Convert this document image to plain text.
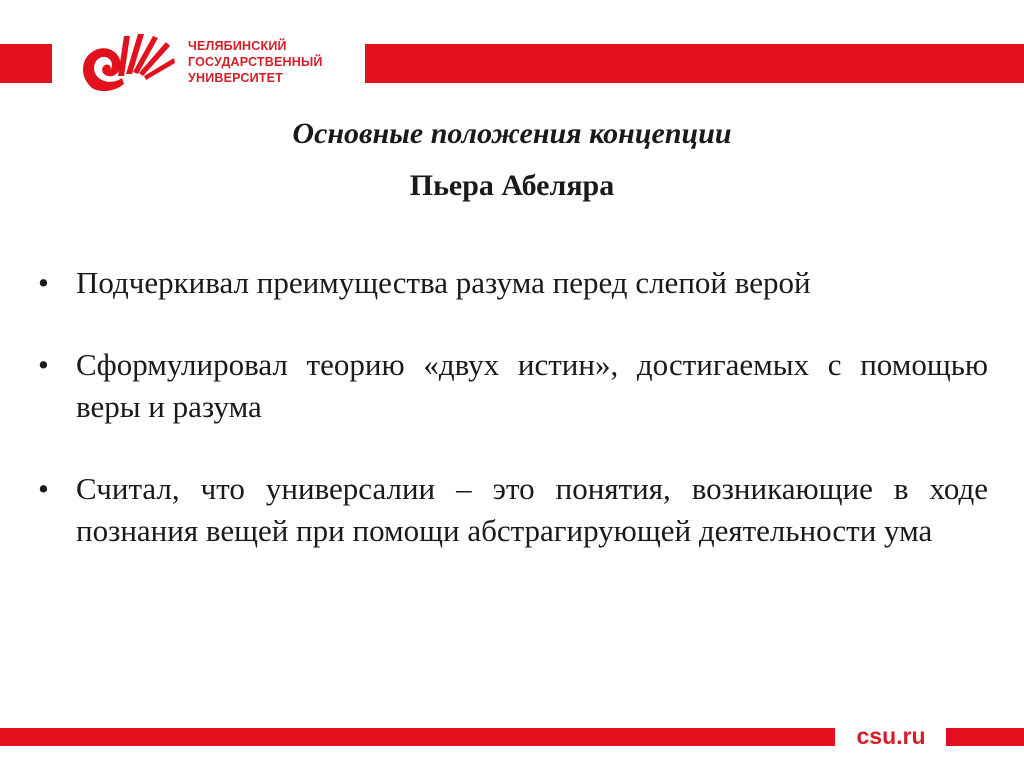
ЧЕЛЯБИНСКИЙ
ГОСУДАРСТВЕННЫЙ
УНИВЕРСИТЕТ
Основные положения концепции
Пьера Абеляра
• Подчеркивал преимущества разума перед слепой верой
• Сформулировал теорию «двух истин», достигаемых с помощью веры и разума
• Считал, что универсалии – это понятия, возникающие в ходе познания вещей при помощи абстрагирующей деятельности ума
csu.ru
